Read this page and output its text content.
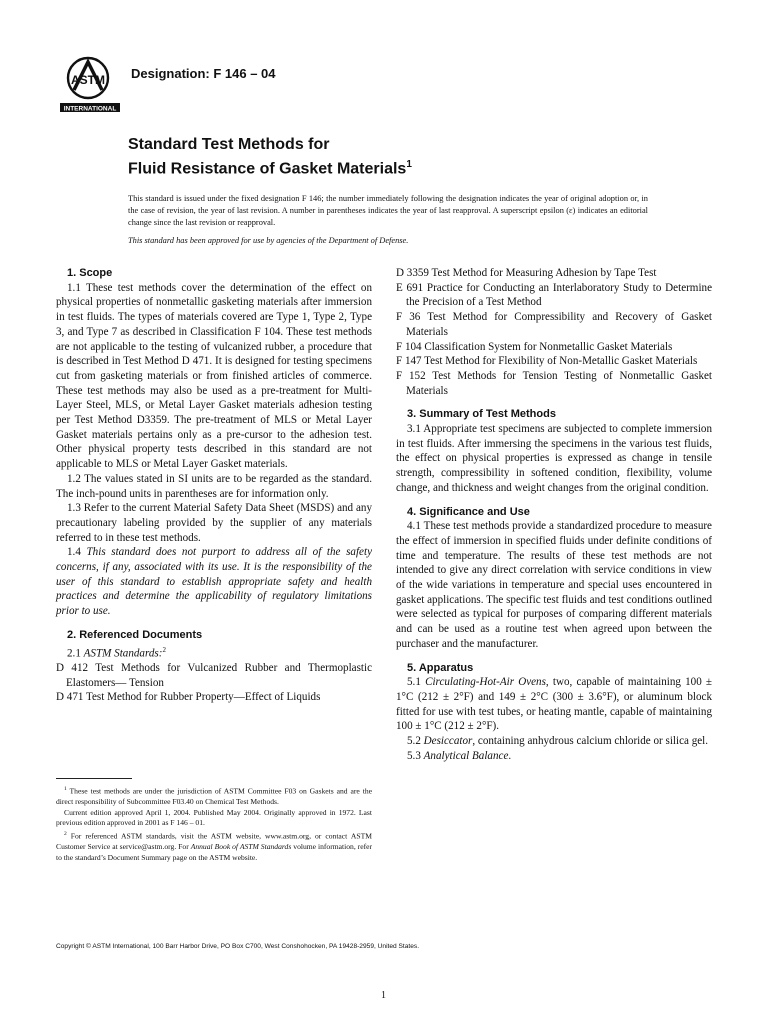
ASTM
INTERNATIONAL
Designation: F 146 – 04
Standard Test Methods for
Fluid Resistance of Gasket Materials$^1$

This standard is issued under the fixed designation F 146; the number immediately following the designation indicates the year of original adoption or, in the case of revision, the year of last revision. A number in parentheses indicates the year of last reapproval. A superscript epsilon (ε) indicates an editorial change since the last revision or reapproval.

This standard has been approved for use by agencies of the Department of Defense.

1. Scope

1.1 These test methods cover the determination of the effect on physical properties of nonmetallic gasketing materials after immersion in test fluids. The types of materials covered are Type 1, Type 2, Type 3, and Type 7 as described in Classification F 104. These test methods are not applicable to the testing of vulcanized rubber, a procedure that is described in Test Method D 471. It is designed for testing specimens cut from gasketing materials or from finished articles of commerce. These test methods may also be used as a pre-treatment for Multi-Layer Steel, MLS, or Metal Layer Gasket materials adhesion testing per Test Method D3359. The pre-treatment of MLS or Metal Layer Gasket materials pertains only as a pre-cursor to the adhesion test. Other physical property tests described in this standard are not applicable to MLS or Metal Layer Gasket materials.

1.2 The values stated in SI units are to be regarded as the standard. The inch-pound units in parentheses are for information only.

1.3 Refer to the current Material Safety Data Sheet (MSDS) and any precautionary labeling provided by the supplier of any materials referred to in these test methods.

1.4 This standard does not purport to address all of the safety concerns, if any, associated with its use. It is the responsibility of the user of this standard to establish appropriate safety and health practices and determine the applicability of regulatory limitations prior to use.

2. Referenced Documents

2.1 ASTM Standards:$^2$

D 412 Test Methods for Vulcanized Rubber and Thermoplastic Elastomers— Tension

D 471 Test Method for Rubber Property—Effect of Liquids

D 3359 Test Method for Measuring Adhesion by Tape Test

E 691 Practice for Conducting an Interlaboratory Study to Determine the Precision of a Test Method

F 36 Test Method for Compressibility and Recovery of Gasket Materials

F 104 Classification System for Nonmetallic Gasket Materials

F 147 Test Method for Flexibility of Non-Metallic Gasket Materials

F 152 Test Methods for Tension Testing of Nonmetallic Gasket Materials

3. Summary of Test Methods

3.1 Appropriate test specimens are subjected to complete immersion in test fluids. After immersing the specimens in the various test fluids, the effect on physical properties is expressed as change in tensile strength, compressibility in softened condition, flexibility, volume change, and thickness and weight changes from the original condition.

4. Significance and Use

4.1 These test methods provide a standardized procedure to measure the effect of immersion in specified fluids under definite conditions of time and temperature. The results of these test methods are not intended to give any direct correlation with service conditions in view of the wide variations in temperature and special uses encountered in gasket applications. The specific test fluids and test conditions outlined were selected as typical for purposes of comparing different materials and can be used as a routine test when agreed upon between the purchaser and the manufacturer.

5. Apparatus

5.1 Circulating-Hot-Air Ovens, two, capable of maintaining 100 ± 1°C (212 ± 2°F) and 149 ± 2°C (300 ± 3.6°F), or aluminum block fitted for use with test tubes, or heating mantle, capable of maintaining 100 ± 1°C (212 ± 2°F).

5.2 Desiccator, containing anhydrous calcium chloride or silica gel.

5.3 Analytical Balance.

$^1$ These test methods are under the jurisdiction of ASTM Committee F03 on Gaskets and are the direct responsibility of Subcommittee F03.40 on Chemical Test Methods.

Current edition approved April 1, 2004. Published May 2004. Originally approved in 1972. Last previous edition approved in 2001 as F 146 – 01.

$^2$ For referenced ASTM standards, visit the ASTM website, www.astm.org, or contact ASTM Customer Service at service@astm.org. For Annual Book of ASTM Standards volume information, refer to the standard’s Document Summary page on the ASTM website.

Copyright © ASTM International, 100 Barr Harbor Drive, PO Box C700, West Conshohocken, PA 19428-2959, United States.
1
